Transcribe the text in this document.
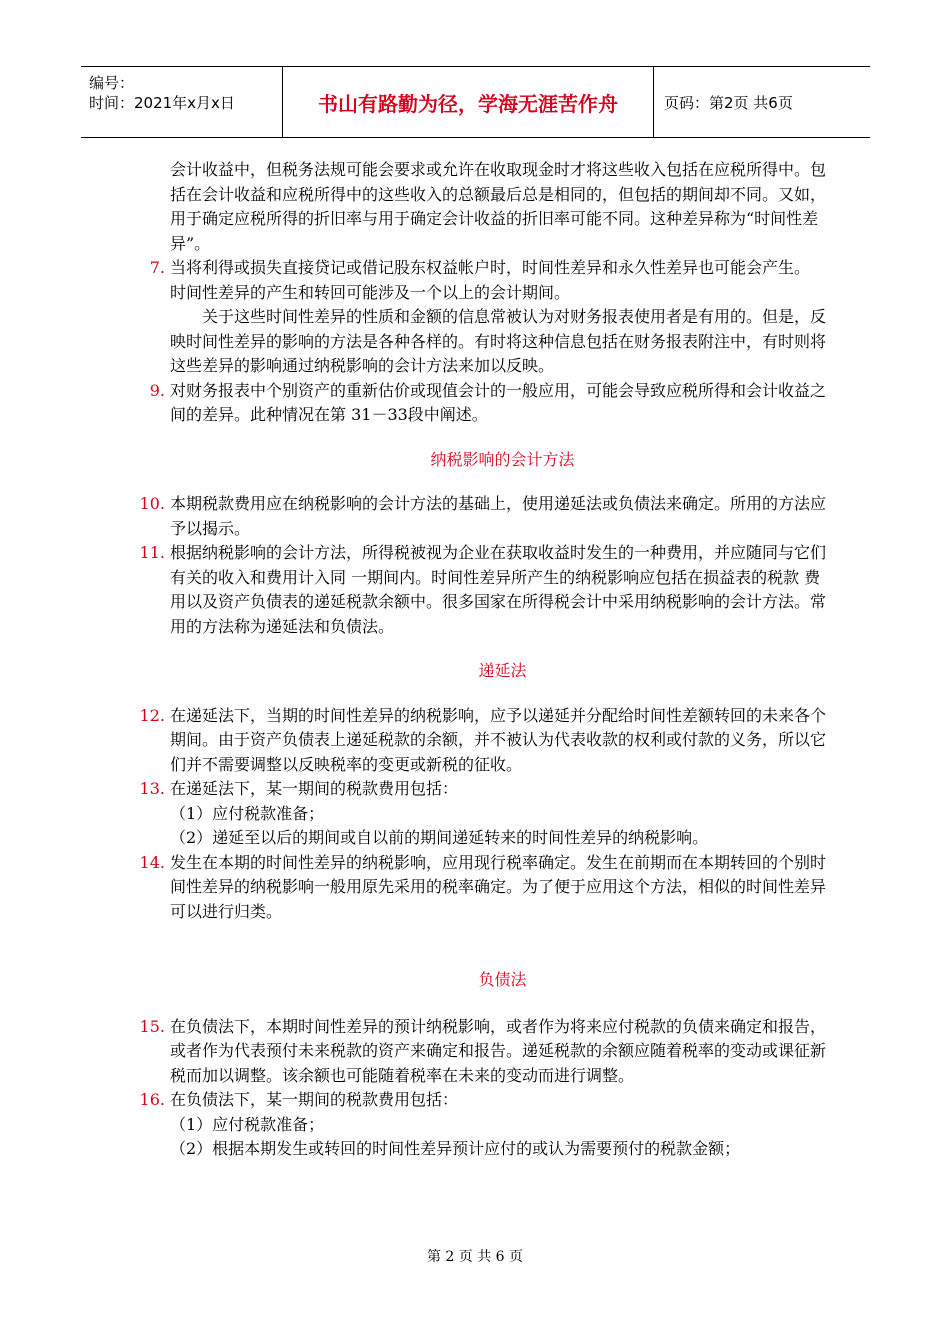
编号：
时间：2021年x月x日	书山有路勤为径，学海无涯苦作舟	页码：第2页 共6页

会计收益中，但税务法规可能会要求或允许在收取现金时才将这些收入包括在应税所得中。包括在会计收益和应税所得中的这些收入的总额最后总是相同的，但包括的期间却不同。又如，用于确定应税所得的折旧率与用于确定会计收益的折旧率可能不同。这种差异称为“时间性差异”。

7. 当将利得或损失直接贷记或借记股东权益帐户时，时间性差异和永久性差异也可能会产生。

时间性差异的产生和转回可能涉及一个以上的会计期间。

关于这些时间性差异的性质和金额的信息常被认为对财务报表使用者是有用的。但是，反映时间性差异的影响的方法是各种各样的。有时将这种信息包括在财务报表附注中，有时则将这些差异的影响通过纳税影响的会计方法来加以反映。

9. 对财务报表中个别资产的重新估价或现值会计的一般应用，可能会导致应税所得和会计收益之间的差异。此种情况在第 31－33段中阐述。

纳税影响的会计方法

10. 本期税款费用应在纳税影响的会计方法的基础上，使用递延法或负债法来确定。所用的方法应予以揭示。
11. 根据纳税影响的会计方法，所得税被视为企业在获取收益时发生的一种费用，并应随同与它们有关的收入和费用计入同 一期间内。时间性差异所产生的纳税影响应包括在损益表的税款 费用以及资产负债表的递延税款余额中。很多国家在所得税会计中采用纳税影响的会计方法。常用的方法称为递延法和负债法。

递延法

12. 在递延法下，当期的时间性差异的纳税影响，应予以递延并分配给时间性差额转回的未来各个期间。由于资产负债表上递延税款的余额，并不被认为代表收款的权利或付款的义务，所以它们并不需要调整以反映税率的变更或新税的征收。
13. 在递延法下，某一期间的税款费用包括：

（1）应付税款准备；

（2）递延至以后的期间或自以前的期间递延转来的时间性差异的纳税影响。

14. 发生在本期的时间性差异的纳税影响，应用现行税率确定。发生在前期而在本期转回的个别时间性差异的纳税影响一般用原先采用的税率确定。为了便于应用这个方法，相似的时间性差异可以进行归类。

负债法

15. 在负债法下，本期时间性差异的预计纳税影响，或者作为将来应付税款的负债来确定和报告，或者作为代表预付未来税款的资产来确定和报告。递延税款的余额应随着税率的变动或课征新税而加以调整。该余额也可能随着税率在未来的变动而进行调整。
16. 在负债法下，某一期间的税款费用包括：

（1）应付税款准备；

（2）根据本期发生或转回的时间性差异预计应付的或认为需要预付的税款金额；

第 2 页 共 6 页
